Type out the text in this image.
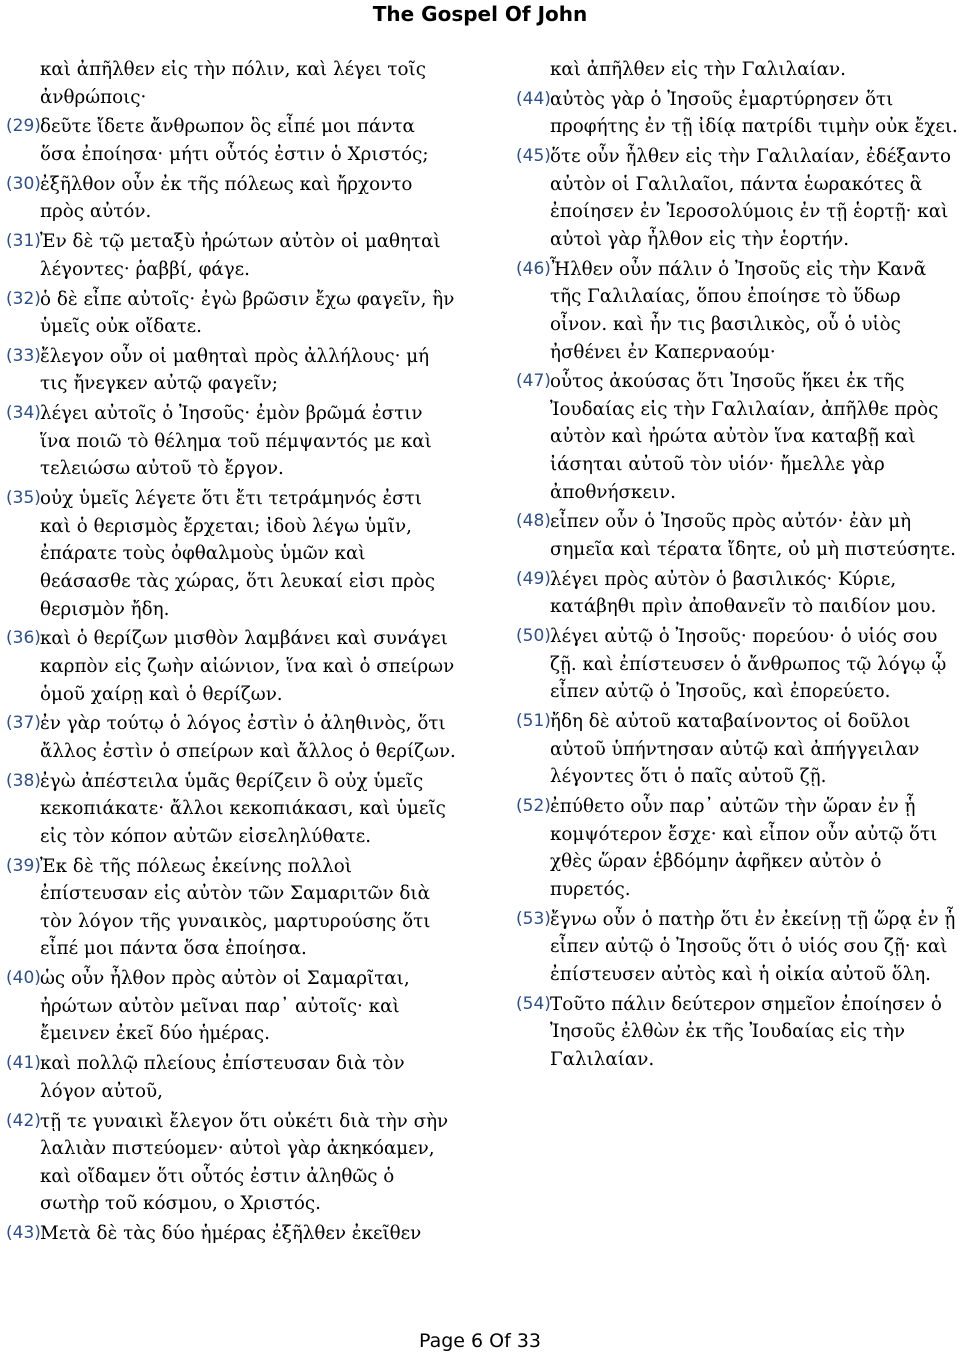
The Gospel Of John

καὶ ἀπῆλθεν εἰς τὴν πόλιν, καὶ λέγει τοῖς ἀνθρώποις·

(29) δεῦτε ἴδετε ἄνθρωπον ὃς εἶπέ μοι πάντα ὅσα ἐποίησα· μήτι οὗτός ἐστιν ὁ Χριστός;

(30) ἐξῆλθον οὖν ἐκ τῆς πόλεως καὶ ἤρχοντο πρὸς αὐτόν.

(31) Ἐν δὲ τῷ μεταξὺ ἠρώτων αὐτὸν οἱ μαθηταὶ λέγοντες· ῥαββί, φάγε.

(32) ὁ δὲ εἶπε αὐτοῖς· ἐγὼ βρῶσιν ἔχω φαγεῖν, ἣν ὑμεῖς οὐκ οἴδατε.

(33) ἔλεγον οὖν οἱ μαθηταὶ πρὸς ἀλλήλους· μή τις ἤνεγκεν αὐτῷ φαγεῖν;

(34) λέγει αὐτοῖς ὁ Ἰησοῦς· ἐμὸν βρῶμά ἐστιν ἵνα ποιῶ τὸ θέλημα τοῦ πέμψαντός με καὶ τελειώσω αὐτοῦ τὸ ἔργον.

(35) οὐχ ὑμεῖς λέγετε ὅτι ἔτι τετράμηνός ἐστι καὶ ὁ θερισμὸς ἔρχεται; ἰδοὺ λέγω ὑμῖν, ἐπάρατε τοὺς ὀφθαλμοὺς ὑμῶν καὶ θεάσασθε τὰς χώρας, ὅτι λευκαί εἰσι πρὸς θερισμὸν ἤδη.

(36) καὶ ὁ θερίζων μισθὸν λαμβάνει καὶ συνάγει καρπὸν εἰς ζωὴν αἰώνιον, ἵνα καὶ ὁ σπείρων ὁμοῦ χαίρῃ καὶ ὁ θερίζων.

(37) ἐν γὰρ τούτῳ ὁ λόγος ἐστὶν ὁ ἀληθινὸς, ὅτι ἄλλος ἐστὶν ὁ σπείρων καὶ ἄλλος ὁ θερίζων.

(38) ἐγὼ ἀπέστειλα ὑμᾶς θερίζειν ὃ οὐχ ὑμεῖς κεκοπιάκατε· ἄλλοι κεκοπιάκασι, καὶ ὑμεῖς εἰς τὸν κόπον αὐτῶν εἰσεληλύθατε.

(39) Ἐκ δὲ τῆς πόλεως ἐκείνης πολλοὶ ἐπίστευσαν εἰς αὐτὸν τῶν Σαμαριτῶν διὰ τὸν λόγον τῆς γυναικὸς, μαρτυρούσης ὅτι εἶπέ μοι πάντα ὅσα ἐποίησα.

(40) ὡς οὖν ἦλθον πρὸς αὐτὸν οἱ Σαμαρῖται, ἠρώτων αὐτὸν μεῖναι παρ᾽ αὐτοῖς· καὶ ἔμεινεν ἐκεῖ δύο ἡμέρας.

(41) καὶ πολλῷ πλείους ἐπίστευσαν διὰ τὸν λόγον αὐτοῦ,

(42) τῇ τε γυναικὶ ἔλεγον ὅτι οὐκέτι διὰ τὴν σὴν λαλιὰν πιστεύομεν· αὐτοὶ γὰρ ἀκηκόαμεν, καὶ οἴδαμεν ὅτι οὗτός ἐστιν ἀληθῶς ὁ σωτὴρ τοῦ κόσμου, ο Χριστός.

(43) Μετὰ δὲ τὰς δύο ἡμέρας ἐξῆλθεν ἐκεῖθεν

καὶ ἀπῆλθεν εἰς τὴν Γαλιλαίαν.

(44) αὐτὸς γὰρ ὁ Ἰησοῦς ἐμαρτύρησεν ὅτι προφήτης ἐν τῇ ἰδίᾳ πατρίδι τιμὴν οὐκ ἔχει.

(45) ὅτε οὖν ἦλθεν εἰς τὴν Γαλιλαίαν, ἐδέξαντο αὐτὸν οἱ Γαλιλαῖοι, πάντα ἑωρακότες ἃ ἐποίησεν ἐν Ἱεροσολύμοις ἐν τῇ ἑορτῇ· καὶ αὐτοὶ γὰρ ἦλθον εἰς τὴν ἑορτήν.

(46) Ἦλθεν οὖν πάλιν ὁ Ἰησοῦς εἰς τὴν Κανᾶ τῆς Γαλιλαίας, ὅπου ἐποίησε τὸ ὕδωρ οἶνον. καὶ ἦν τις βασιλικὸς, οὗ ὁ υἱὸς ἠσθένει ἐν Καπερναούμ·

(47) οὗτος ἀκούσας ὅτι Ἰησοῦς ἥκει ἐκ τῆς Ἰουδαίας εἰς τὴν Γαλιλαίαν, ἀπῆλθε πρὸς αὐτὸν καὶ ἠρώτα αὐτὸν ἵνα καταβῇ καὶ ἰάσηται αὐτοῦ τὸν υἱόν· ἤμελλε γὰρ ἀποθνήσκειν.

(48) εἶπεν οὖν ὁ Ἰησοῦς πρὸς αὐτόν· ἐὰν μὴ σημεῖα καὶ τέρατα ἴδητε, οὐ μὴ πιστεύσητε.

(49) λέγει πρὸς αὐτὸν ὁ βασιλικός· Κύριε, κατάβηθι πρὶν ἀποθανεῖν τὸ παιδίον μου.

(50) λέγει αὐτῷ ὁ Ἰησοῦς· πορεύου· ὁ υἱός σου ζῇ. καὶ ἐπίστευσεν ὁ ἄνθρωπος τῷ λόγῳ ᾧ εἶπεν αὐτῷ ὁ Ἰησοῦς, καὶ ἐπορεύετο.

(51) ἤδη δὲ αὐτοῦ καταβαίνοντος οἱ δοῦλοι αὐτοῦ ὑπήντησαν αὐτῷ καὶ ἀπήγγειλαν λέγοντες ὅτι ὁ παῖς αὐτοῦ ζῇ.

(52) ἐπύθετο οὖν παρ᾽ αὐτῶν τὴν ὥραν ἐν ᾗ κομψότερον ἔσχε· καὶ εἶπον οὖν αὐτῷ ὅτι χθὲς ὥραν ἑβδόμην ἀφῆκεν αὐτὸν ὁ πυρετός.

(53) ἔγνω οὖν ὁ πατὴρ ὅτι ἐν ἐκείνῃ τῇ ὥρᾳ ἐν ᾗ εἶπεν αὐτῷ ὁ Ἰησοῦς ὅτι ὁ υἱός σου ζῇ· καὶ ἐπίστευσεν αὐτὸς καὶ ἡ οἰκία αὐτοῦ ὅλη.

(54) Τοῦτο πάλιν δεύτερον σημεῖον ἐποίησεν ὁ Ἰησοῦς ἐλθὼν ἐκ τῆς Ἰουδαίας εἰς τὴν Γαλιλαίαν.

Page 6 Of 33
